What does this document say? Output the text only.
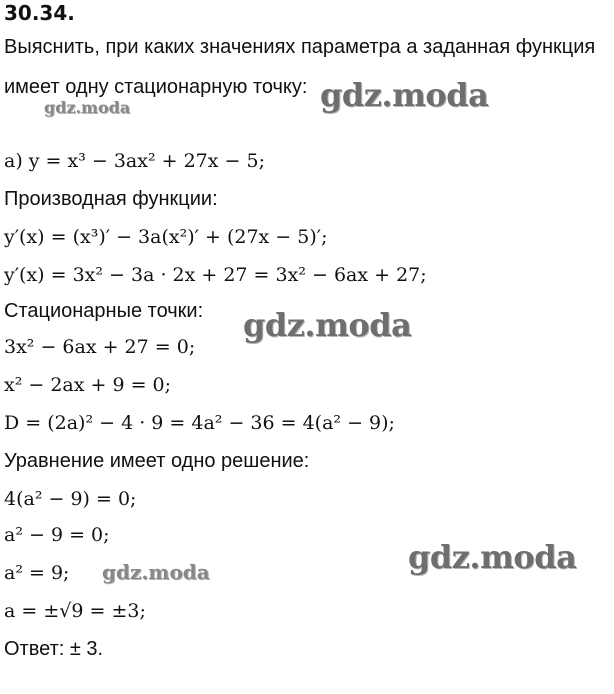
30.34.
Выяснить, при каких значениях параметра a заданная функция
имеет одну стационарную точку: gdz.moda
gdz.moda
а) y = x³ − 3ax² + 27x − 5;
Производная функции:
y′(x) = (x³)′ − 3a(x²)′ + (27x − 5)′;
y′(x) = 3x² − 3a · 2x + 27 = 3x² − 6ax + 27;
Стационарные точки: gdz.moda
3x² − 6ax + 27 = 0;
x² − 2ax + 9 = 0;
D = (2a)² − 4 · 9 = 4a² − 36 = 4(a² − 9);
Уравнение имеет одно решение:
4(a² − 9) = 0;
a² − 9 = 0;
gdz.moda
a² = 9; gdz.moda
a = ±√9 = ±3;
Ответ: ± 3.
